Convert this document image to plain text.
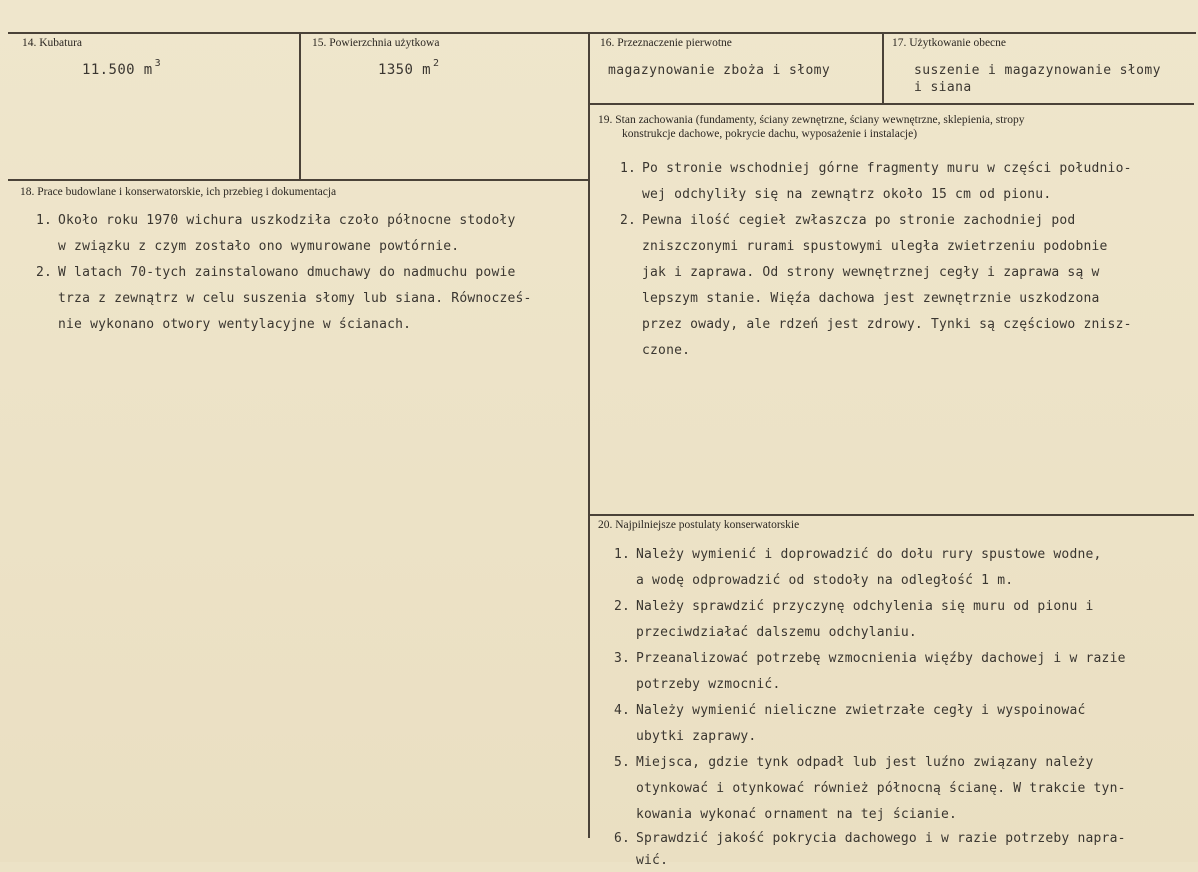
14. Kubatura
11.500 m $^3$
15. Powierzchnia użytkowa
1350 m $^2$
16. Przeznaczenie pierwotne
magazynowanie zboża i słomy
17. Użytkowanie obecne
suszenie i magazynowanie słomy
i siana
19. Stan zachowania (fundamenty, ściany zewnętrzne, ściany wewnętrzne, sklepienia, stropy
konstrukcje dachowe, pokrycie dachu, wyposażenie i instalacje)
1. Po stronie wschodniej górne fragmenty muru w części południo-
wej odchyliły się na zewnątrz około 15 cm od pionu.
2. Pewna ilość cegieł zwłaszcza po stronie zachodniej pod
zniszczonymi rurami spustowymi uległa zwietrzeniu podobnie
jak i zaprawa. Od strony wewnętrznej cegły i zaprawa są w
lepszym stanie. Więźa dachowa jest zewnętrznie uszkodzona
przez owady, ale rdzeń jest zdrowy. Tynki są częściowo znisz-
czone.
18. Prace budowlane i konserwatorskie, ich przebieg i dokumentacja
1. Około roku 1970 wichura uszkodziła czoło północne stodoły
w związku z czym zostało ono wymurowane powtórnie.
2. W latach 70-tych zainstalowano dmuchawy do nadmuchu powie
trza z zewnątrz w celu suszenia słomy lub siana. Równocześ-
nie wykonano otwory wentylacyjne w ścianach.
20. Najpilniejsze postulaty konserwatorskie
1. Należy wymienić i doprowadzić do dołu rury spustowe wodne,
a wodę odprowadzić od stodoły na odległość 1 m.
2. Należy sprawdzić przyczynę odchylenia się muru od pionu i
przeciwdziałać dalszemu odchylaniu.
3. Przeanalizować potrzebę wzmocnienia więźby dachowej i w razie
potrzeby wzmocnić.
4. Należy wymienić nieliczne zwietrzałe cegły i wyspoinować
ubytki zaprawy.
5. Miejsca, gdzie tynk odpadł lub jest luźno związany należy
otynkować i otynkować również północną ścianę. W trakcie tyn-
kowania wykonać ornament na tej ścianie.
6. Sprawdzić jakość pokrycia dachowego i w razie potrzeby napra-
wić.
